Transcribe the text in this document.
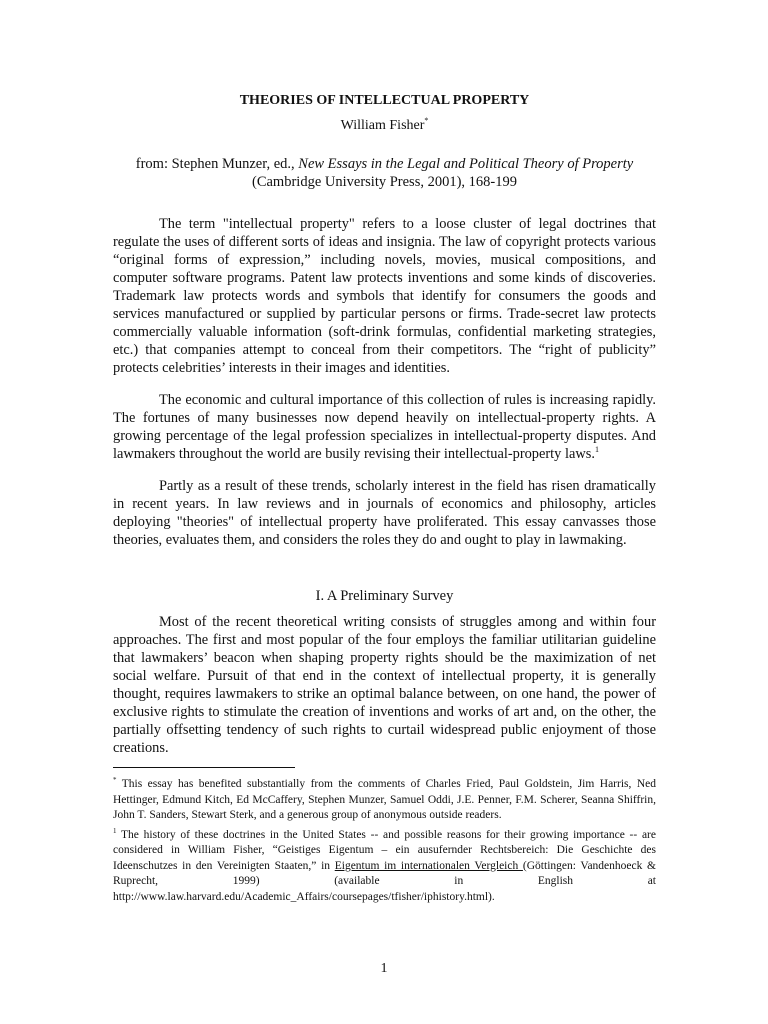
THEORIES OF INTELLECTUAL PROPERTY

William Fisher*

from: Stephen Munzer, ed., New Essays in the Legal and Political Theory of Property

(Cambridge University Press, 2001), 168-199

The term "intellectual property" refers to a loose cluster of legal doctrines that regulate the uses of different sorts of ideas and insignia. The law of copyright protects various “original forms of expression,” including novels, movies, musical compositions, and computer software programs. Patent law protects inventions and some kinds of discoveries. Trademark law protects words and symbols that identify for consumers the goods and services manufactured or supplied by particular persons or firms. Trade-secret law protects commercially valuable information (soft-drink formulas, confidential marketing strategies, etc.) that companies attempt to conceal from their competitors. The “right of publicity” protects celebrities’ interests in their images and identities.

The economic and cultural importance of this collection of rules is increasing rapidly. The fortunes of many businesses now depend heavily on intellectual-property rights. A growing percentage of the legal profession specializes in intellectual-property disputes. And lawmakers throughout the world are busily revising their intellectual-property laws.$^1$

Partly as a result of these trends, scholarly interest in the field has risen dramatically in recent years. In law reviews and in journals of economics and philosophy, articles deploying "theories" of intellectual property have proliferated. This essay canvasses those theories, evaluates them, and considers the roles they do and ought to play in lawmaking.

I. A Preliminary Survey

Most of the recent theoretical writing consists of struggles among and within four approaches. The first and most popular of the four employs the familiar utilitarian guideline that lawmakers’ beacon when shaping property rights should be the maximization of net social welfare. Pursuit of that end in the context of intellectual property, it is generally thought, requires lawmakers to strike an optimal balance between, on one hand, the power of exclusive rights to stimulate the creation of inventions and works of art and, on the other, the partially offsetting tendency of such rights to curtail widespread public enjoyment of those creations.

* This essay has benefited substantially from the comments of Charles Fried, Paul Goldstein, Jim Harris, Ned Hettinger, Edmund Kitch, Ed McCaffery, Stephen Munzer, Samuel Oddi, J.E. Penner, F.M. Scherer, Seanna Shiffrin, John T. Sanders, Stewart Sterk, and a generous group of anonymous outside readers.

$^1$ The history of these doctrines in the United States -- and possible reasons for their growing importance -- are considered in William Fisher, “Geistiges Eigentum – ein ausufernder Rechtsbereich: Die Geschichte des Ideenschutzes in den Vereinigten Staaten,” in Eigentum im internationalen Vergleich (Göttingen: Vandenhoeck & Ruprecht, 1999) (available in English at http://www.law.harvard.edu/Academic_Affairs/coursepages/tfisher/iphistory.html).

1
